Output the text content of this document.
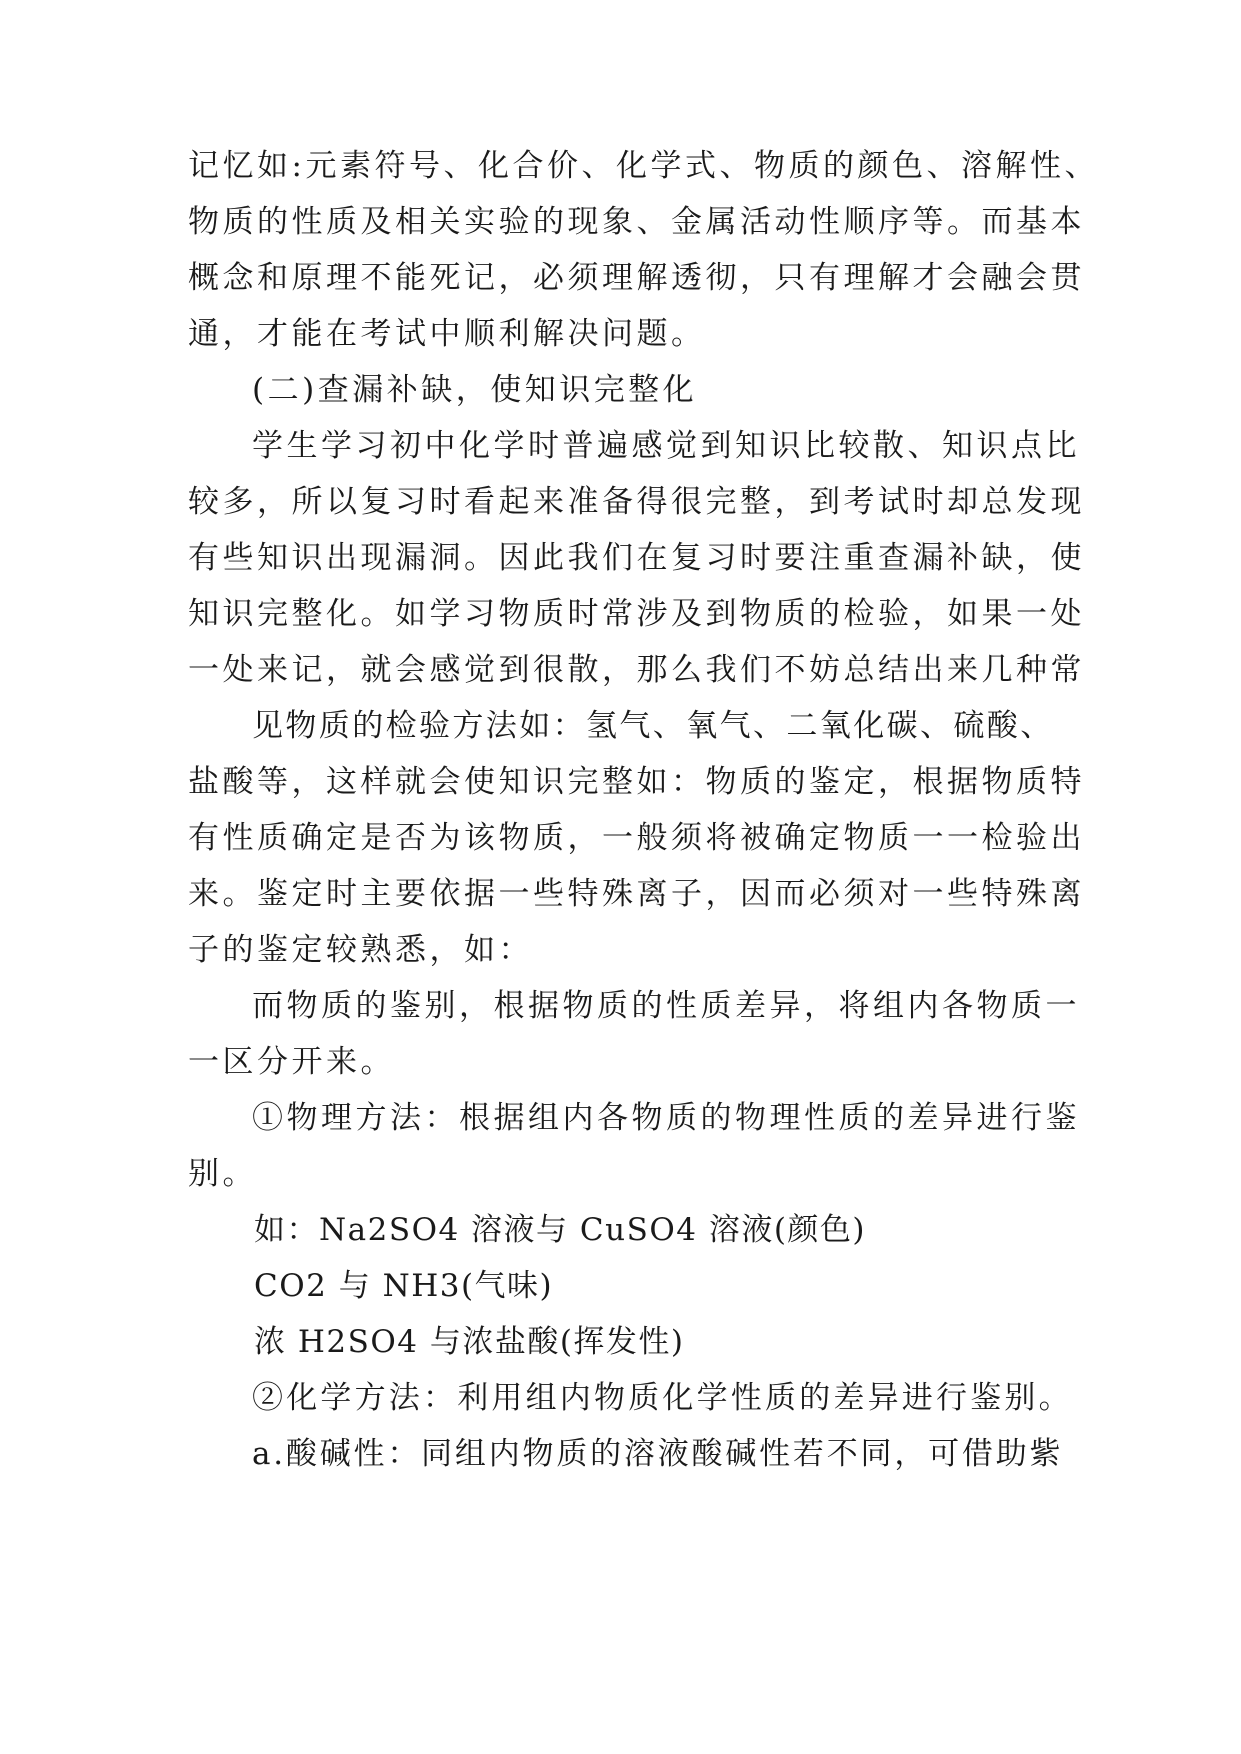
记忆如:元素符号、化合价、化学式、物质的颜色、溶解性、
物质的性质及相关实验的现象、金属活动性顺序等。而基本
概念和原理不能死记，必须理解透彻，只有理解才会融会贯
通，才能在考试中顺利解决问题。
(二)查漏补缺，使知识完整化
学生学习初中化学时普遍感觉到知识比较散、知识点比
较多，所以复习时看起来准备得很完整，到考试时却总发现
有些知识出现漏洞。因此我们在复习时要注重查漏补缺，使
知识完整化。如学习物质时常涉及到物质的检验，如果一处
一处来记，就会感觉到很散，那么我们不妨总结出来几种常
见物质的检验方法如：氢气、氧气、二氧化碳、硫酸、
盐酸等，这样就会使知识完整如：物质的鉴定，根据物质特
有性质确定是否为该物质，一般须将被确定物质一一检验出
来。鉴定时主要依据一些特殊离子，因而必须对一些特殊离
子的鉴定较熟悉，如：
而物质的鉴别，根据物质的性质差异，将组内各物质一
一区分开来。
①物理方法：根据组内各物质的物理性质的差异进行鉴
别。
如：Na2SO4 溶液与 CuSO4 溶液(颜色)
CO2 与 NH3(气味)
浓 H2SO4 与浓盐酸(挥发性)
②化学方法：利用组内物质化学性质的差异进行鉴别。
a.酸碱性：同组内物质的溶液酸碱性若不同，可借助紫
